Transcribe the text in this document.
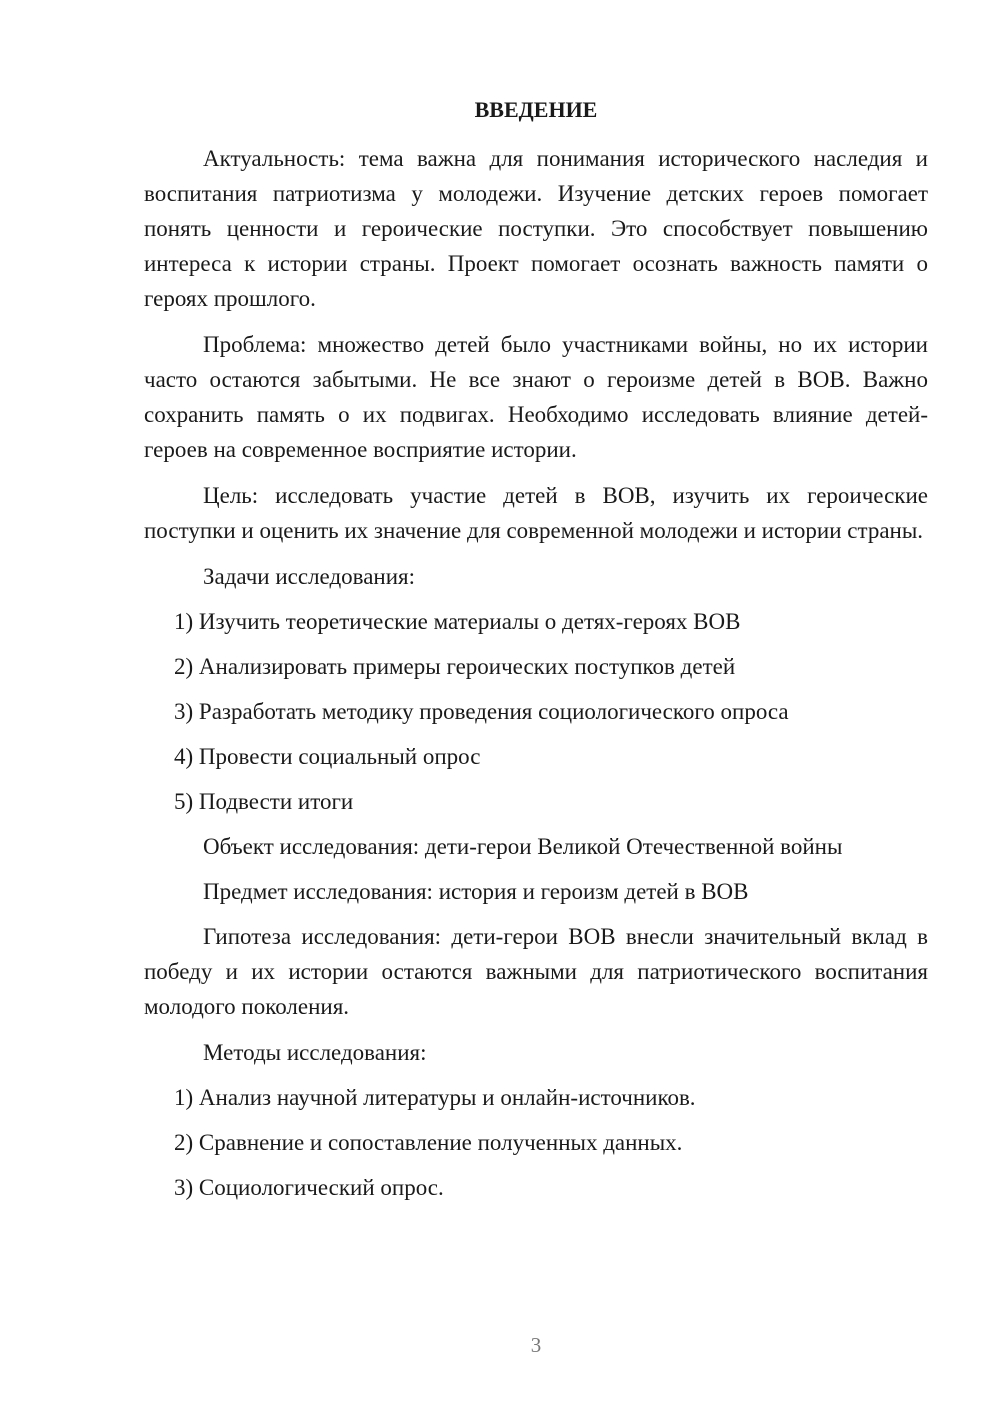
ВВЕДЕНИЕ
Актуальность: тема важна для понимания исторического наследия и воспитания патриотизма у молодежи. Изучение детских героев помогает понять ценности и героические поступки. Это способствует повышению интереса к истории страны. Проект помогает осознать важность памяти о героях прошлого.
Проблема: множество детей было участниками войны, но их истории часто остаются забытыми. Не все знают о героизме детей в ВОВ. Важно сохранить память о их подвигах. Необходимо исследовать влияние детей-героев на современное восприятие истории.
Цель: исследовать участие детей в ВОВ, изучить их героические поступки и оценить их значение для современной молодежи и истории страны.
Задачи исследования:
1) Изучить теоретические материалы о детях-героях ВОВ
2) Анализировать примеры героических поступков детей
3) Разработать методику проведения социологического опроса
4) Провести социальный опрос
5) Подвести итоги
Объект исследования: дети-герои Великой Отечественной войны
Предмет исследования: история и героизм детей в ВОВ
Гипотеза исследования: дети-герои ВОВ внесли значительный вклад в победу и их истории остаются важными для патриотического воспитания молодого поколения.
Методы исследования:
1) Анализ научной литературы и онлайн-источников.
2) Сравнение и сопоставление полученных данных.
3) Социологический опрос.
3
